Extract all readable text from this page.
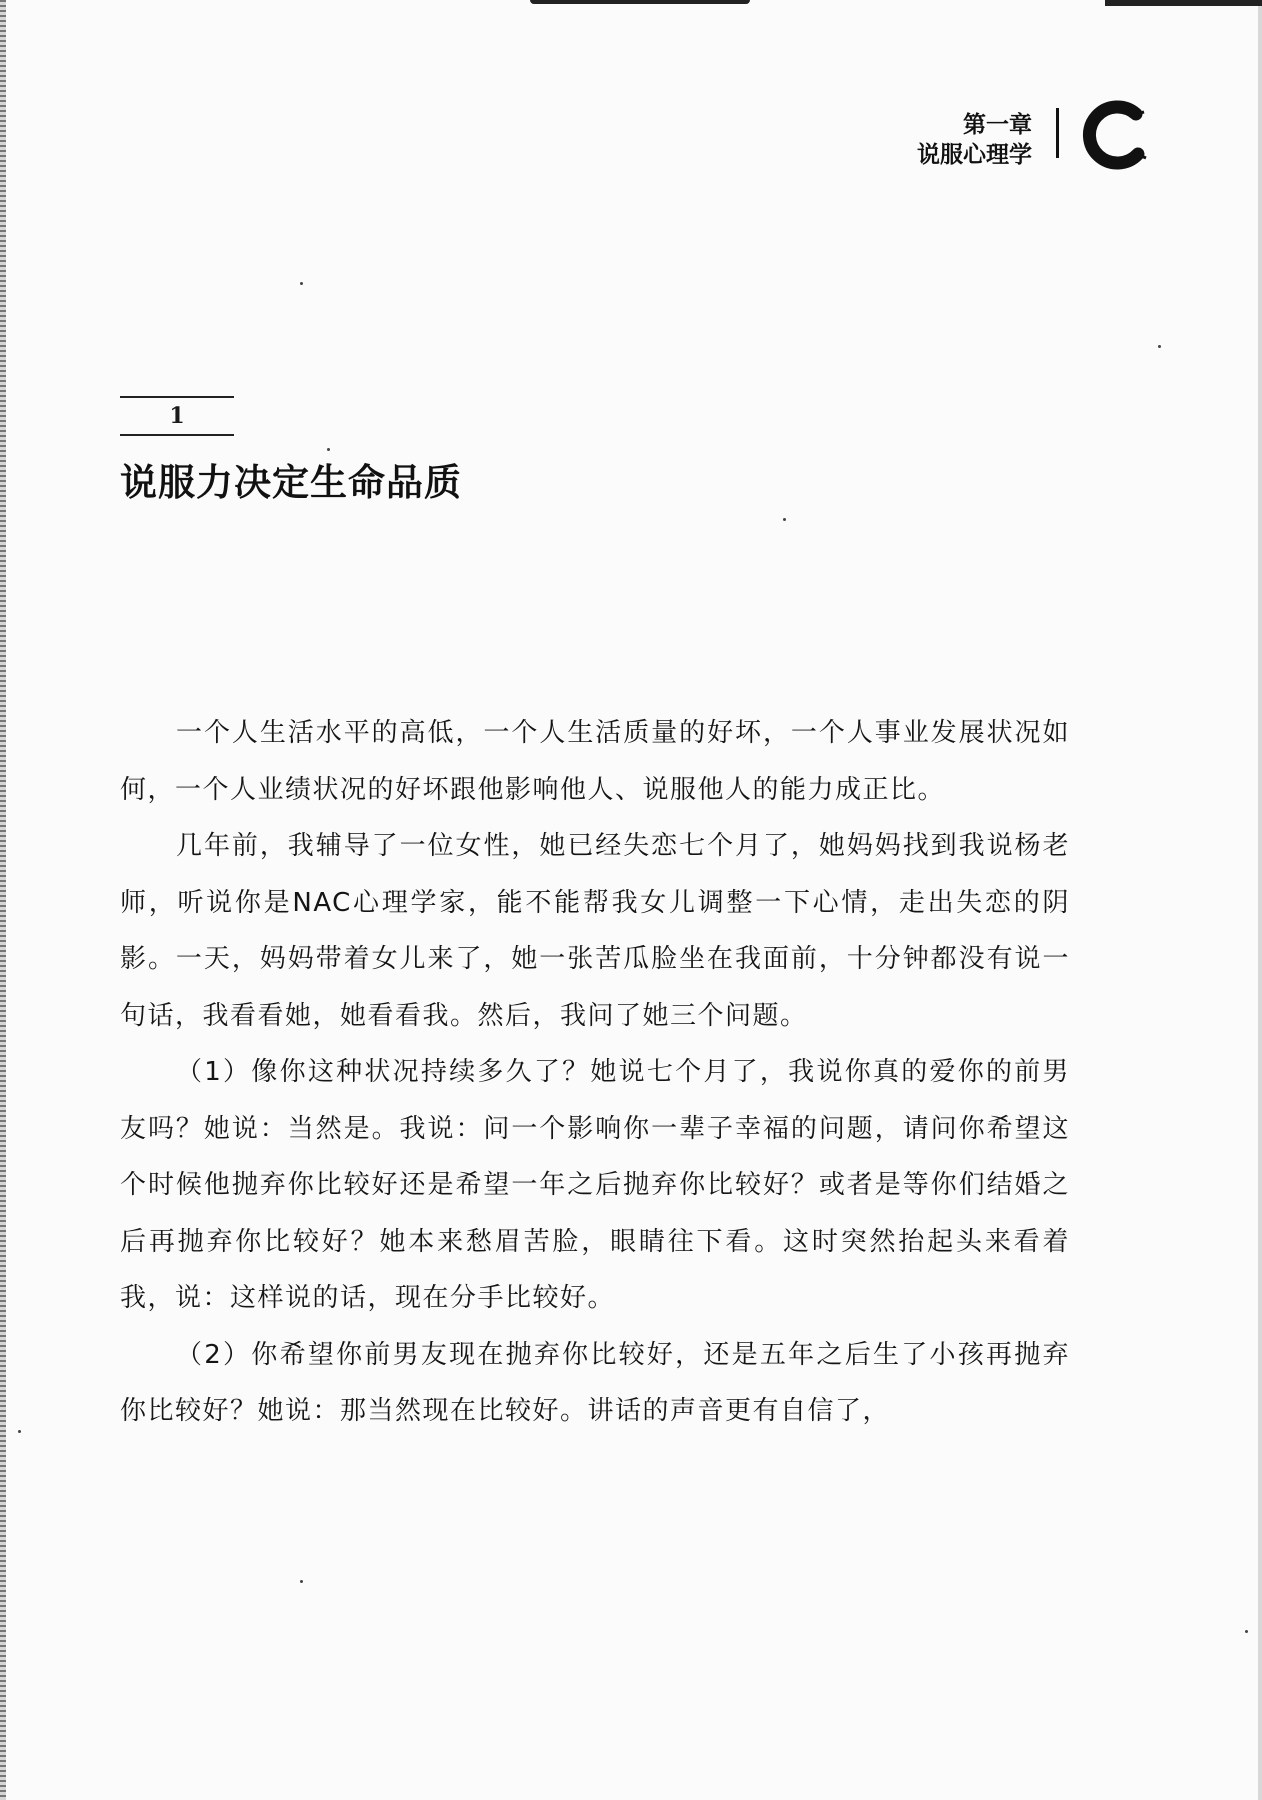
第一章
说服心理学
1
说服力决定生命品质

一个人生活水平的高低，一个人生活质量的好坏，一个人事业发展状况如何，一个人业绩状况的好坏跟他影响他人、说服他人的能力成正比。

几年前，我辅导了一位女性，她已经失恋七个月了，她妈妈找到我说杨老师，听说你是NAC心理学家，能不能帮我女儿调整一下心情，走出失恋的阴影。一天，妈妈带着女儿来了，她一张苦瓜脸坐在我面前，十分钟都没有说一句话，我看看她，她看看我。然后，我问了她三个问题。

（1）像你这种状况持续多久了？她说七个月了，我说你真的爱你的前男友吗？她说：当然是。我说：问一个影响你一辈子幸福的问题，请问你希望这个时候他抛弃你比较好还是希望一年之后抛弃你比较好？或者是等你们结婚之后再抛弃你比较好？她本来愁眉苦脸，眼睛往下看。这时突然抬起头来看着我，说：这样说的话，现在分手比较好。

（2）你希望你前男友现在抛弃你比较好，还是五年之后生了小孩再抛弃你比较好？她说：那当然现在比较好。讲话的声音更有自信了，
